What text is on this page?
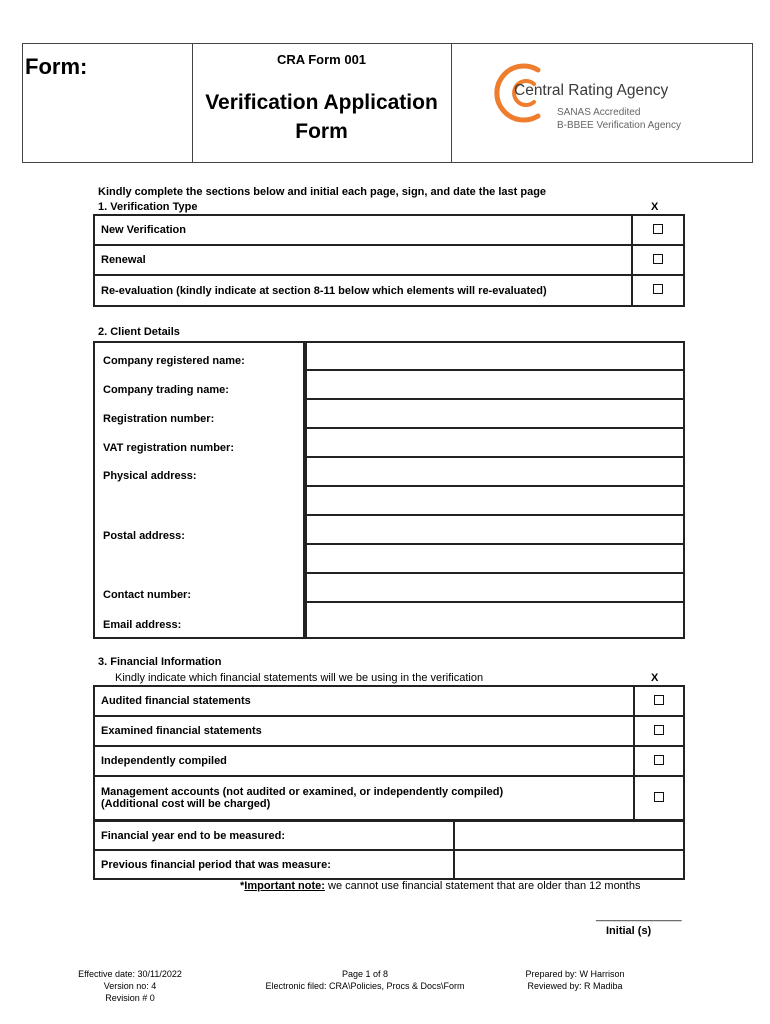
Form:	CRA Form 001
Verification Application
Form
Central Rating Agency
SANAS Accredited
B-BBEE Verification Agency
Kindly complete the sections below and initial each page, sign, and date the last page
1. Verification Type	X
New Verification	
Renewal	
Re-evaluation (kindly indicate at section 8-11 below which elements will re-evaluated)	
2. Client Details
Company registered name:
Company trading name:
Registration number:
VAT registration number:
Physical address:
Postal address:
Contact number:
Email address:
3. Financial Information
Kindly indicate which financial statements will we be using in the verification	X
Audited financial statements	
Examined financial statements	
Independently compiled	

Management accounts (not audited or examined, or independently compiled)
(Additional cost will be charged)	

Financial year end to be measured:	
Previous financial period that was measure:	
*Important note: we cannot use financial statement that are older than 12 months
______________
Initial (s)
Effective date: 30/11/2022
Version no: 4
Revision # 0
Page 1 of 8
Electronic filed: CRA\Policies, Procs & Docs\Form
Prepared by: W Harrison
Reviewed by: R Madiba
